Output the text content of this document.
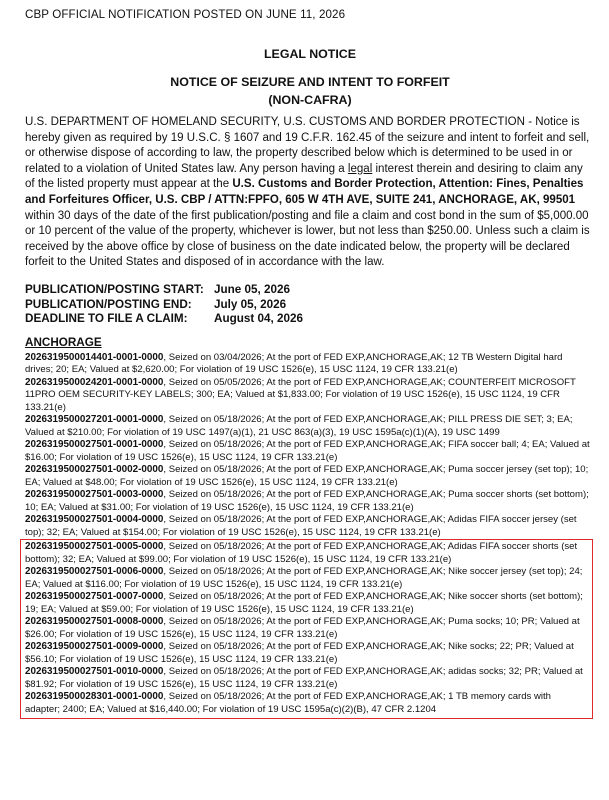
CBP OFFICIAL NOTIFICATION POSTED ON JUNE 11, 2026
LEGAL NOTICE
NOTICE OF SEIZURE AND INTENT TO FORFEIT
(NON-CAFRA)

U.S. DEPARTMENT OF HOMELAND SECURITY, U.S. CUSTOMS AND BORDER PROTECTION - Notice is hereby given as required by 19 U.S.C. § 1607 and 19 C.F.R. 162.45 of the seizure and intent to forfeit and sell, or otherwise dispose of according to law, the property described below which is determined to be used in or related to a violation of United States law. Any person having a legal interest therein and desiring to claim any of the listed property must appear at the U.S. Customs and Border Protection, Attention: Fines, Penalties and Forfeitures Officer, U.S. CBP / ATTN:FPFO, 605 W 4TH AVE, SUITE 241, ANCHORAGE, AK, 99501 within 30 days of the date of the first publication/posting and file a claim and cost bond in the sum of $5,000.00 or 10 percent of the value of the property, whichever is lower, but not less than $250.00. Unless such a claim is received by the above office by close of business on the date indicated below, the property will be declared forfeit to the United States and disposed of in accordance with the law.

PUBLICATION/POSTING START: June 05, 2026
PUBLICATION/POSTING END:	July 05, 2026
DEADLINE TO FILE A CLAIM:	August 04, 2026
ANCHORAGE

2026319500014401-0001-0000, Seized on 03/04/2026; At the port of FED EXP,ANCHORAGE,AK; 12 TB Western Digital hard drives; 20; EA; Valued at $2,620.00; For violation of 19 USC 1526(e), 15 USC 1124, 19 CFR 133.21(e)

2026319500024201-0001-0000, Seized on 05/05/2026; At the port of FED EXP,ANCHORAGE,AK; COUNTERFEIT MICROSOFT 11PRO OEM SECURITY-KEY LABELS; 300; EA; Valued at $1,833.00; For violation of 19 USC 1526(e), 15 USC 1124, 19 CFR 133.21(e)

2026319500027201-0001-0000, Seized on 05/18/2026; At the port of FED EXP,ANCHORAGE,AK; PILL PRESS DIE SET; 3; EA; Valued at $210.00; For violation of 19 USC 1497(a)(1), 21 USC 863(a)(3), 19 USC 1595a(c)(1)(A), 19 USC 1499

2026319500027501-0001-0000, Seized on 05/18/2026; At the port of FED EXP,ANCHORAGE,AK; FIFA soccer ball; 4; EA; Valued at $16.00; For violation of 19 USC 1526(e), 15 USC 1124, 19 CFR 133.21(e)

2026319500027501-0002-0000, Seized on 05/18/2026; At the port of FED EXP,ANCHORAGE,AK; Puma soccer jersey (set top); 10; EA; Valued at $48.00; For violation of 19 USC 1526(e), 15 USC 1124, 19 CFR 133.21(e)

2026319500027501-0003-0000, Seized on 05/18/2026; At the port of FED EXP,ANCHORAGE,AK; Puma soccer shorts (set bottom); 10; EA; Valued at $31.00; For violation of 19 USC 1526(e), 15 USC 1124, 19 CFR 133.21(e)

2026319500027501-0004-0000, Seized on 05/18/2026; At the port of FED EXP,ANCHORAGE,AK; Adidas FIFA soccer jersey (set top); 32; EA; Valued at $154.00; For violation of 19 USC 1526(e), 15 USC 1124, 19 CFR 133.21(e)

2026319500027501-0005-0000, Seized on 05/18/2026; At the port of FED EXP,ANCHORAGE,AK; Adidas FIFA soccer shorts (set bottom); 32; EA; Valued at $99.00; For violation of 19 USC 1526(e), 15 USC 1124, 19 CFR 133.21(e)

2026319500027501-0006-0000, Seized on 05/18/2026; At the port of FED EXP,ANCHORAGE,AK; Nike soccer jersey (set top); 24; EA; Valued at $116.00; For violation of 19 USC 1526(e), 15 USC 1124, 19 CFR 133.21(e)

2026319500027501-0007-0000, Seized on 05/18/2026; At the port of FED EXP,ANCHORAGE,AK; Nike soccer shorts (set bottom); 19; EA; Valued at $59.00; For violation of 19 USC 1526(e), 15 USC 1124, 19 CFR 133.21(e)

2026319500027501-0008-0000, Seized on 05/18/2026; At the port of FED EXP,ANCHORAGE,AK; Puma socks; 10; PR; Valued at $26.00; For violation of 19 USC 1526(e), 15 USC 1124, 19 CFR 133.21(e)

2026319500027501-0009-0000, Seized on 05/18/2026; At the port of FED EXP,ANCHORAGE,AK; Nike socks; 22; PR; Valued at $56.10; For violation of 19 USC 1526(e), 15 USC 1124, 19 CFR 133.21(e)

2026319500027501-0010-0000, Seized on 05/18/2026; At the port of FED EXP,ANCHORAGE,AK; adidas socks; 32; PR; Valued at $81.92; For violation of 19 USC 1526(e), 15 USC 1124, 19 CFR 133.21(e)

2026319500028301-0001-0000, Seized on 05/18/2026; At the port of FED EXP,ANCHORAGE,AK; 1 TB memory cards with adapter; 2400; EA; Valued at $16,440.00; For violation of 19 USC 1595a(c)(2)(B), 47 CFR 2.1204
